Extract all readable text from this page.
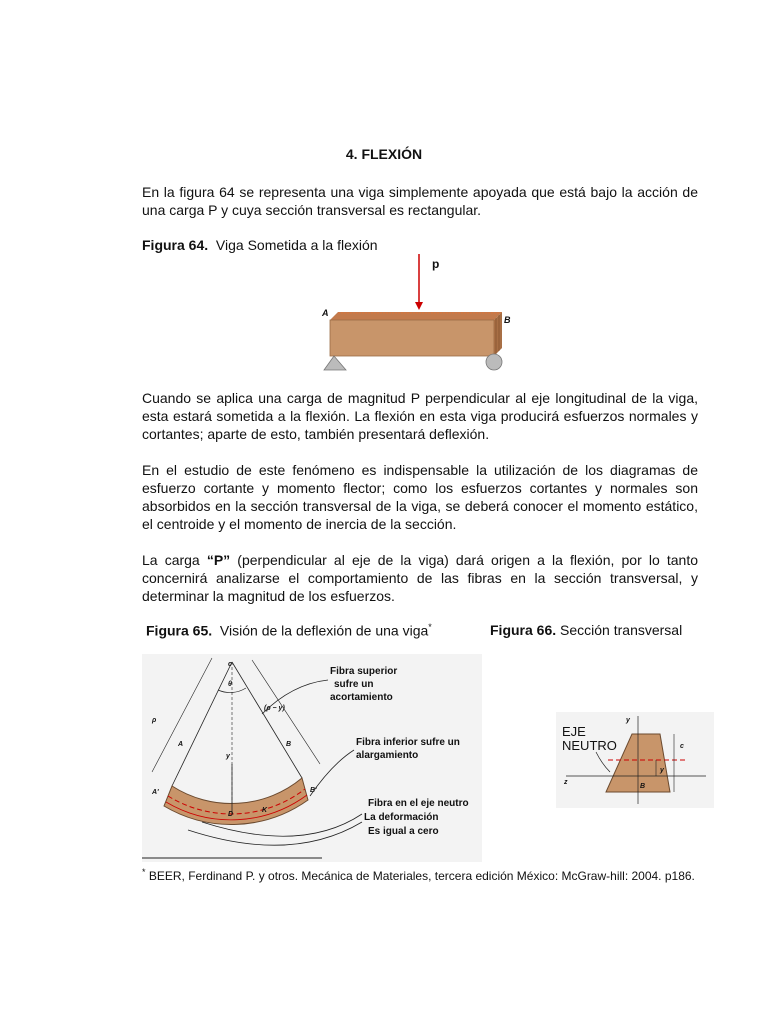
4. FLEXIÓN
En la figura 64 se representa una viga simplemente apoyada que está bajo la acción de una carga P y cuya sección transversal es rectangular.
Figura 64. Viga Sometida a la flexión
p
A
B
Cuando se aplica una carga de magnitud P perpendicular al eje longitudinal de la viga, esta estará sometida a la flexión. La flexión en esta viga producirá esfuerzos normales y cortantes; aparte de esto, también presentará deflexión.
En el estudio de este fenómeno es indispensable la utilización de los diagramas de esfuerzo cortante y momento flector; como los esfuerzos cortantes y normales son absorbidos en la sección transversal de la viga, se deberá conocer el momento estático, el centroide y el momento de inercia de la sección.
La carga “P” (perpendicular al eje de la viga) dará origen a la flexión, por lo tanto concernirá analizarse el comportamiento de las fibras en la sección transversal, y determinar la magnitud de los esfuerzos.
Figura 65. Visión de la deflexión de una viga*	Figura 66. Sección transversal
c
θ
ρ
(ρ − y)
A	B
A'	B'
D
K
y
Fibra superior
sufre un
acortamiento
Fibra inferior sufre un
alargamiento
Fibra en el eje neutro
La deformación
Es igual a cero
EJE
NEUTRO
y
c
y
z
B
* BEER, Ferdinand P. y otros. Mecánica de Materiales, tercera edición México: McGraw-hill: 2004. p186.
